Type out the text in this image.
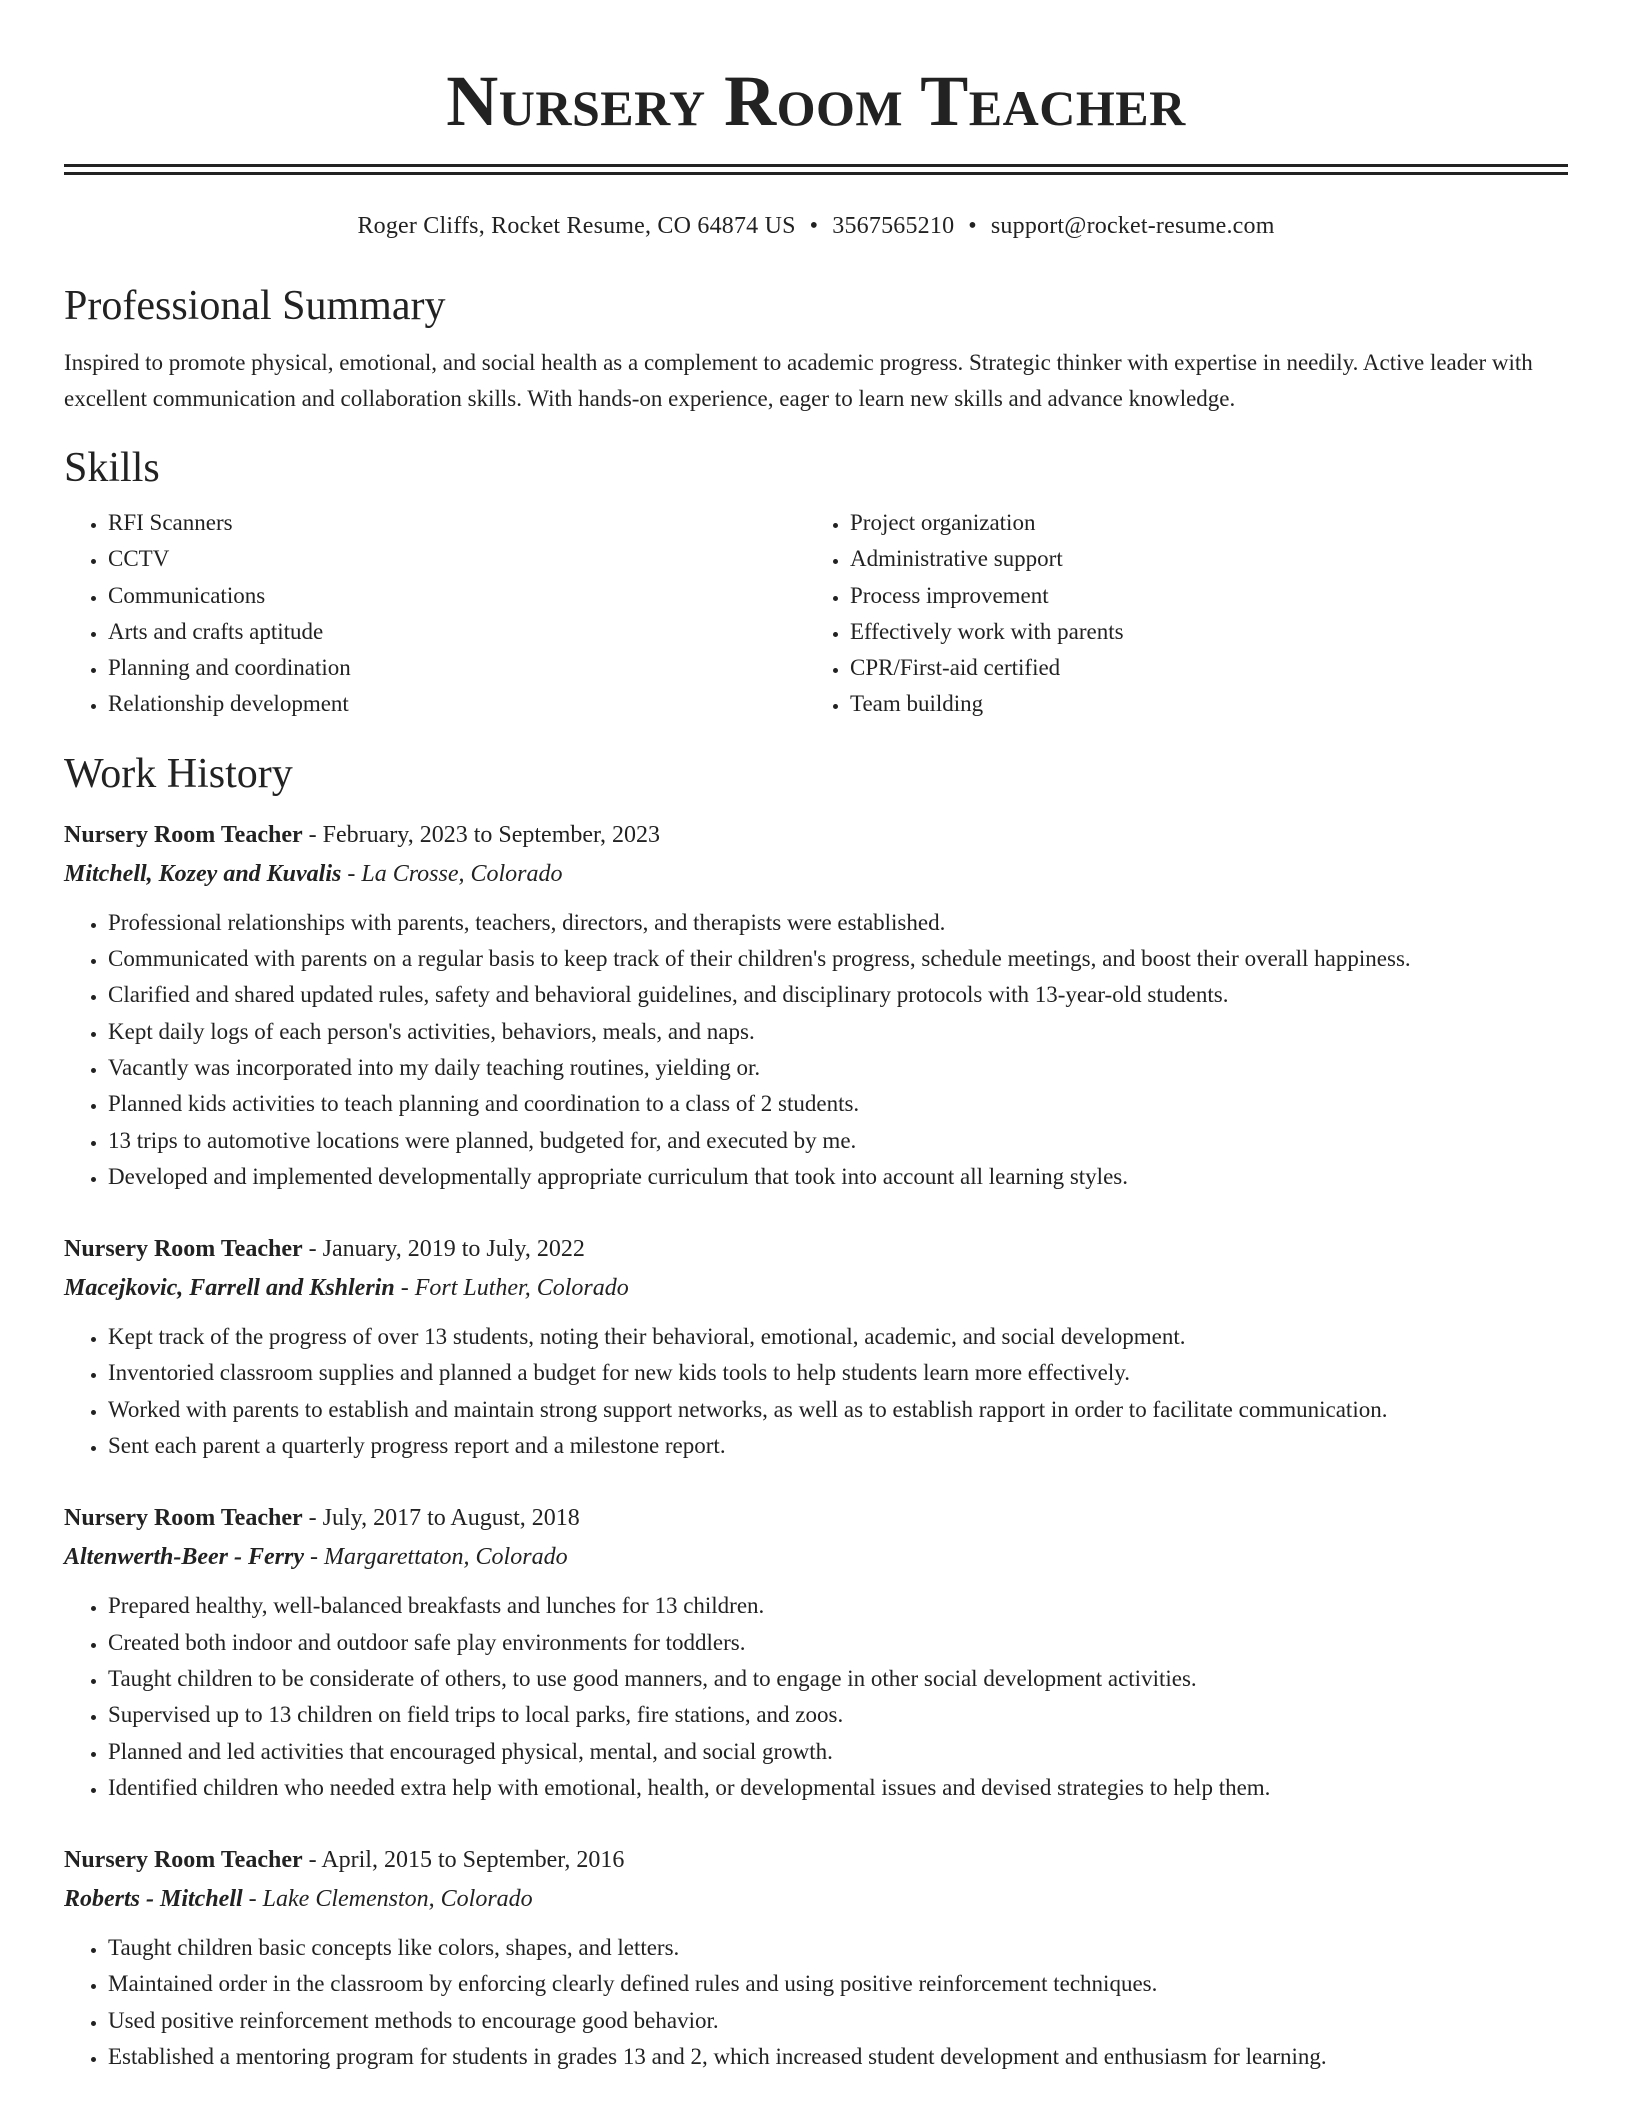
Nursery Room Teacher
Roger Cliffs, Rocket Resume, CO 64874 US • 3567565210 • support@rocket-resume.com
Professional Summary

Inspired to promote physical, emotional, and social health as a complement to academic progress. Strategic thinker with expertise in needily. Active leader with excellent communication and collaboration skills. With hands-on experience, eager to learn new skills and advance knowledge.

Skills
• RFI Scanners
• CCTV
• Communications
• Arts and crafts aptitude
• Planning and coordination
• Relationship development
• Project organization
• Administrative support
• Process improvement
• Effectively work with parents
• CPR/First-aid certified
• Team building
Work History
Nursery Room Teacher - February, 2023 to September, 2023
Mitchell, Kozey and Kuvalis - La Crosse, Colorado
• Professional relationships with parents, teachers, directors, and therapists were established.
• Communicated with parents on a regular basis to keep track of their children's progress, schedule meetings, and boost their overall happiness.
• Clarified and shared updated rules, safety and behavioral guidelines, and disciplinary protocols with 13-year-old students.
• Kept daily logs of each person's activities, behaviors, meals, and naps.
• Vacantly was incorporated into my daily teaching routines, yielding or.
• Planned kids activities to teach planning and coordination to a class of 2 students.
• 13 trips to automotive locations were planned, budgeted for, and executed by me.
• Developed and implemented developmentally appropriate curriculum that took into account all learning styles.
Nursery Room Teacher - January, 2019 to July, 2022
Macejkovic, Farrell and Kshlerin - Fort Luther, Colorado
• Kept track of the progress of over 13 students, noting their behavioral, emotional, academic, and social development.
• Inventoried classroom supplies and planned a budget for new kids tools to help students learn more effectively.
• Worked with parents to establish and maintain strong support networks, as well as to establish rapport in order to facilitate communication.
• Sent each parent a quarterly progress report and a milestone report.
Nursery Room Teacher - July, 2017 to August, 2018
Altenwerth-Beer - Ferry - Margarettaton, Colorado
• Prepared healthy, well-balanced breakfasts and lunches for 13 children.
• Created both indoor and outdoor safe play environments for toddlers.
• Taught children to be considerate of others, to use good manners, and to engage in other social development activities.
• Supervised up to 13 children on field trips to local parks, fire stations, and zoos.
• Planned and led activities that encouraged physical, mental, and social growth.
• Identified children who needed extra help with emotional, health, or developmental issues and devised strategies to help them.
Nursery Room Teacher - April, 2015 to September, 2016
Roberts - Mitchell - Lake Clemenston, Colorado
• Taught children basic concepts like colors, shapes, and letters.
• Maintained order in the classroom by enforcing clearly defined rules and using positive reinforcement techniques.
• Used positive reinforcement methods to encourage good behavior.
• Established a mentoring program for students in grades 13 and 2, which increased student development and enthusiasm for learning.
